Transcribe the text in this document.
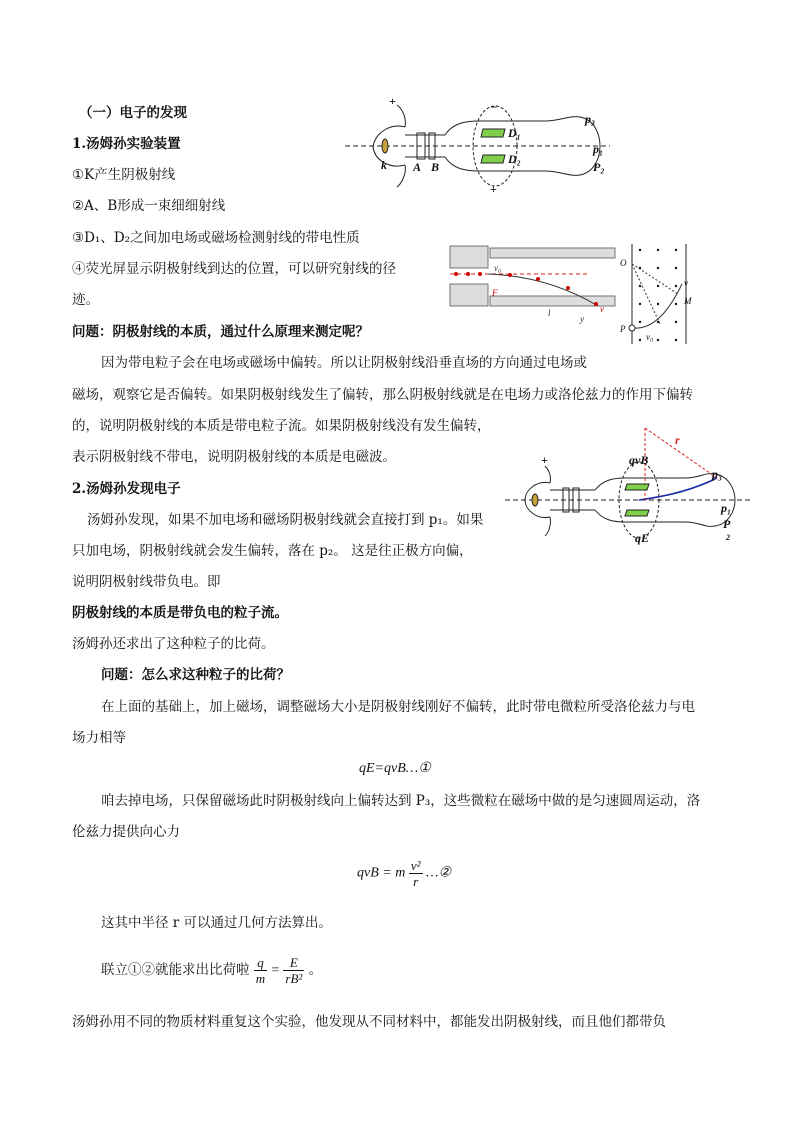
（一）电子的发现
1.汤姆孙实验装置
①K产生阴极射线
②A、B形成一束细细射线
③D₁、D₂之间加电场或磁场检测射线的带电性质
④荧光屏显示阴极射线到达的位置，可以研究射线的径
迹。
问题：阴极射线的本质，通过什么原理来测定呢？
因为带电粒子会在电场或磁场中偏转。所以让阴极射线沿垂直场的方向通过电场或
磁场，观察它是否偏转。如果阴极射线发生了偏转，那么阴极射线就是在电场力或洛伦兹力的作用下偏转
的，说明阴极射线的本质是带电粒子流。如果阴极射线没有发生偏转，
表示阴极射线不带电，说明阴极射线的本质是电磁波。
2.汤姆孙发现电子
汤姆孙发现，如果不加电场和磁场阴极射线就会直接打到 p₁。如果
只加电场，阴极射线就会发生偏转，落在 p₂。 这是往正极方向偏，
说明阴极射线带负电。即
阴极射线的本质是带负电的粒子流。
汤姆孙还求出了这种粒子的比荷。
问题：怎么求这种粒子的比荷？
在上面的基础上，加上磁场，调整磁场大小是阴极射线刚好不偏转，此时带电微粒所受洛伦兹力与电
场力相等
qE=qvB…①
咱去掉电场，只保留磁场此时阴极射线向上偏转达到 P₃，这些微粒在磁场中做的是匀速圆周运动，洛
伦兹力提供向心力
qvB = m $\frac{\text{v²}}{r}$ …②
这其中半径 r 可以通过几何方法算出。
联立①②就能求出比荷啦 $\frac{q}{m} = \frac{E}{\text{rB²}}$ 。
汤姆孙用不同的物质材料重复这个实验，他发现从不同材料中，都能发出阴极射线，而且他们都带负
+	−
+
k A B
D₁
D₂
p₃
p₁
P₂
v₀
F
l	v
y
O
v
M
P
v₀
+	qvB
qE
r
p₃
p₁
P
2
